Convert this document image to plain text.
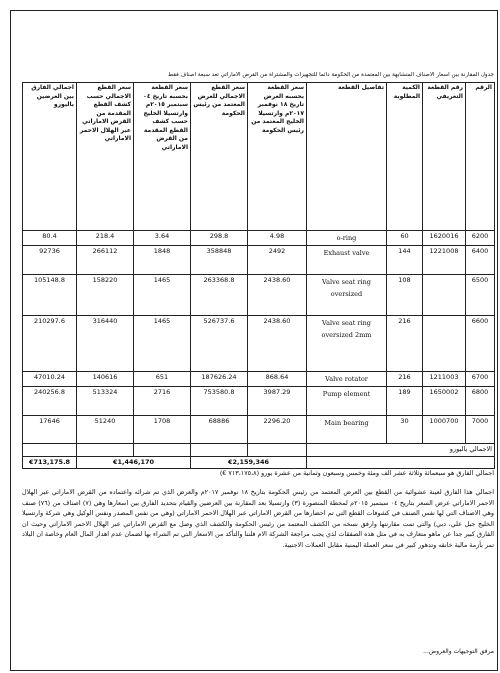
جدول المقارنة بين اسعار الاصناف المتشابهة بين المعتمدة من الحكومة دائما للتجهيزات والمشتراة من القرض الاماراتي تعد سبعة اصناف فقط
الرقم	رقم القطعة التعريفي	الكمية المطلوبة	تفاصيل القطعة	سعر القطعة بحسبه العرض تاريخ ١٨ نوفمبر ٢٠١٧م وارتسيلا الخليج المعتمد من رئيس الحكومة	سعر القطع الاجمالي للعرض المعتمد من رئيس الحكومة	سعر القطعة بحسبه تاريخ ٠٤ سبتمبر ٢٠١٥م وارتسيلا الخليج حسب كشف القطع المقدمة من القرض الاماراتي	سعر القطع الاجمالي حسب كشف القطع المقدمة من القرض الاماراتي عبر الهلال الاحمر الاماراتي	اجمالي الفارق بين العرضين باليورو
6200	1620016	60	o-ring	4.98	298.8	3.64	218.4	80.4
6400	1221008	144	Exhaust valve	2492	358848	1848	266112	92736
6500		108	Valve seat ring oversized	2438.60	263368.8	1465	158220	105148.8
6600		216	Valve seat ring oversized 2mm	2438.60	526737.6	1465	316440	210297.6
6700	1211003	216	Valve rotator	868.64	187626.24	651	140616	47010.24
6800	1650002	189	Pump element	3987.29	753580.8	2716	513324	240256.8
7000	1000700	30	Main bearing	2296.20	68886	1708	51240	17646
الاجمالي باليورو								
				€2,159,346		€1,446,170		€713,175.8
اجمالي الفارق هو سبعمائة وثلاثة عشر الف ومئة وخمس وسبعون وثمانية من عشرة يورو (٧١٣،١٧٥،٨ €)
اجمالي هذا الفارق لعينة عشوائية من القطع بين العرض المعتمد من رئيس الحكومة بتاريخ ١٨ نوفمبر ٢٠١٧م والعرض الذي تم شرائه واعتماده من القرض الاماراتي عبر الهلال الاحمر الاماراتي عرض السعر بتاريخ ٠٤ سبتمبر ٢٠١٥م لمحطة المنصورة (٣) وارتسيلا بعد المقارنة بين العرضين والقيام بتحديد الفارق بين اسعارها وهي (٧) اصناف من (٧٦) صنف وهي الاصناف التي لها نفس الصنف في كشوفات القطع التي تم احضارها من القرض الاماراتي عبر الهلال الاحمر الاماراتي (وهي من نفس المصدر ونفس الوكيل وهي شركة وارتسيلا الخليج جبل علي، دبي) والتي تمت مقارنتها وارفق نسخه من الكشف المعتمد من رئيس الحكومة والكشف الذي وصل مع القرض الاماراتي عبر الهلال الاحمر الاماراتي وحيث ان الفارق كبير جدا عن ماهو متعارف به في مثل هذه الصفقات لذي يجب مراجعة الشركة الام فلننا والتأكد من الاسعار التي تم الشراء بها لضمان عدم اهدار المال العام وخاصة ان البلاد تمر بأزمة مالية خانقه وتدهور كبير في سعر العملة اليمنية مقابل العملات الاجنبية.
مرفق التوجيهات والعروض...
